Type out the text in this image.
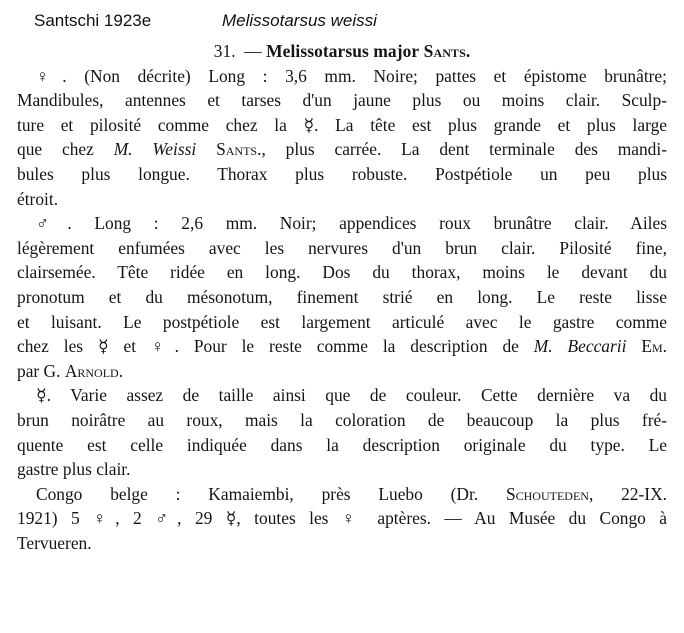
Santschi 1923e	Melissotarsus weissi

31. — Melissotarsus major Sants.

♀. (Non décrite) Long : 3,6 mm. Noire; pattes et épistome brunâtre;
Mandibules, antennes et tarses d'un jaune plus ou moins clair. Sculp-
ture et pilosité comme chez la ☿. La tête est plus grande et plus large
que chez M. Weissi Sants., plus carrée. La dent terminale des mandi-
bules plus longue. Thorax plus robuste. Postpétiole un peu plus
étroit.

♂. Long : 2,6 mm. Noir; appendices roux brunâtre clair. Ailes
légèrement enfumées avec les nervures d'un brun clair. Pilosité fine,
clairsemée. Tête ridée en long. Dos du thorax, moins le devant du
pronotum et du mésonotum, finement strié en long. Le reste lisse
et luisant. Le postpétiole est largement articulé avec le gastre comme
chez les ☿ et ♀. Pour le reste comme la description de M. Beccarii Em.
par G. Arnold.

☿. Varie assez de taille ainsi que de couleur. Cette dernière va du
brun noirâtre au roux, mais la coloration de beaucoup la plus fré-
quente est celle indiquée dans la description originale du type. Le
gastre plus clair.

Congo belge : Kamaiembi, près Luebo (Dr. Schouteden, 22-IX.
1921) 5 ♀, 2 ♂, 29 ☿, toutes les ♀ aptères. — Au Musée du Congo à
Tervueren.
